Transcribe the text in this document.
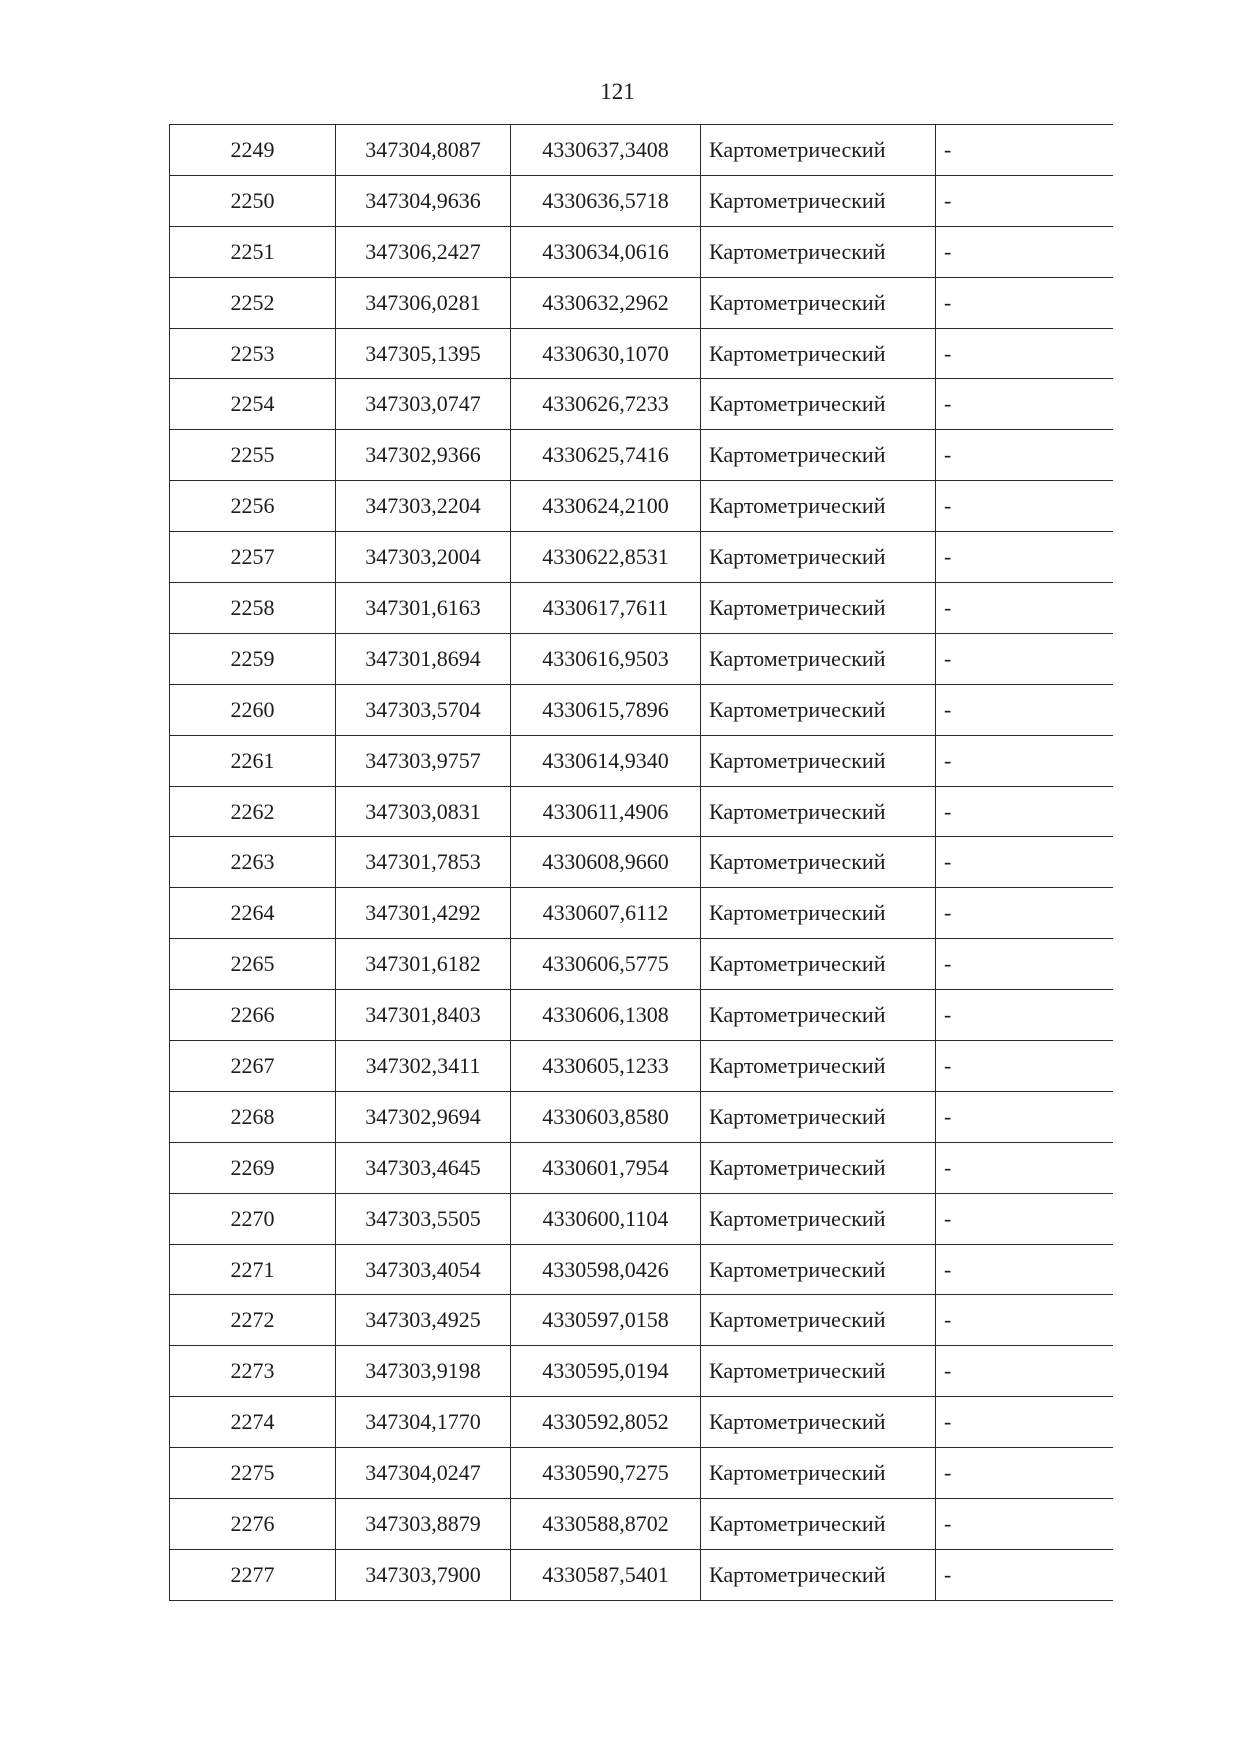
121
2249	347304,8087	4330637,3408	Картометрический	-
2250	347304,9636	4330636,5718	Картометрический	-
2251	347306,2427	4330634,0616	Картометрический	-
2252	347306,0281	4330632,2962	Картометрический	-
2253	347305,1395	4330630,1070	Картометрический	-
2254	347303,0747	4330626,7233	Картометрический	-
2255	347302,9366	4330625,7416	Картометрический	-
2256	347303,2204	4330624,2100	Картометрический	-
2257	347303,2004	4330622,8531	Картометрический	-
2258	347301,6163	4330617,7611	Картометрический	-
2259	347301,8694	4330616,9503	Картометрический	-
2260	347303,5704	4330615,7896	Картометрический	-
2261	347303,9757	4330614,9340	Картометрический	-
2262	347303,0831	4330611,4906	Картометрический	-
2263	347301,7853	4330608,9660	Картометрический	-
2264	347301,4292	4330607,6112	Картометрический	-
2265	347301,6182	4330606,5775	Картометрический	-
2266	347301,8403	4330606,1308	Картометрический	-
2267	347302,3411	4330605,1233	Картометрический	-
2268	347302,9694	4330603,8580	Картометрический	-
2269	347303,4645	4330601,7954	Картометрический	-
2270	347303,5505	4330600,1104	Картометрический	-
2271	347303,4054	4330598,0426	Картометрический	-
2272	347303,4925	4330597,0158	Картометрический	-
2273	347303,9198	4330595,0194	Картометрический	-
2274	347304,1770	4330592,8052	Картометрический	-
2275	347304,0247	4330590,7275	Картометрический	-
2276	347303,8879	4330588,8702	Картометрический	-
2277	347303,7900	4330587,5401	Картометрический	-
